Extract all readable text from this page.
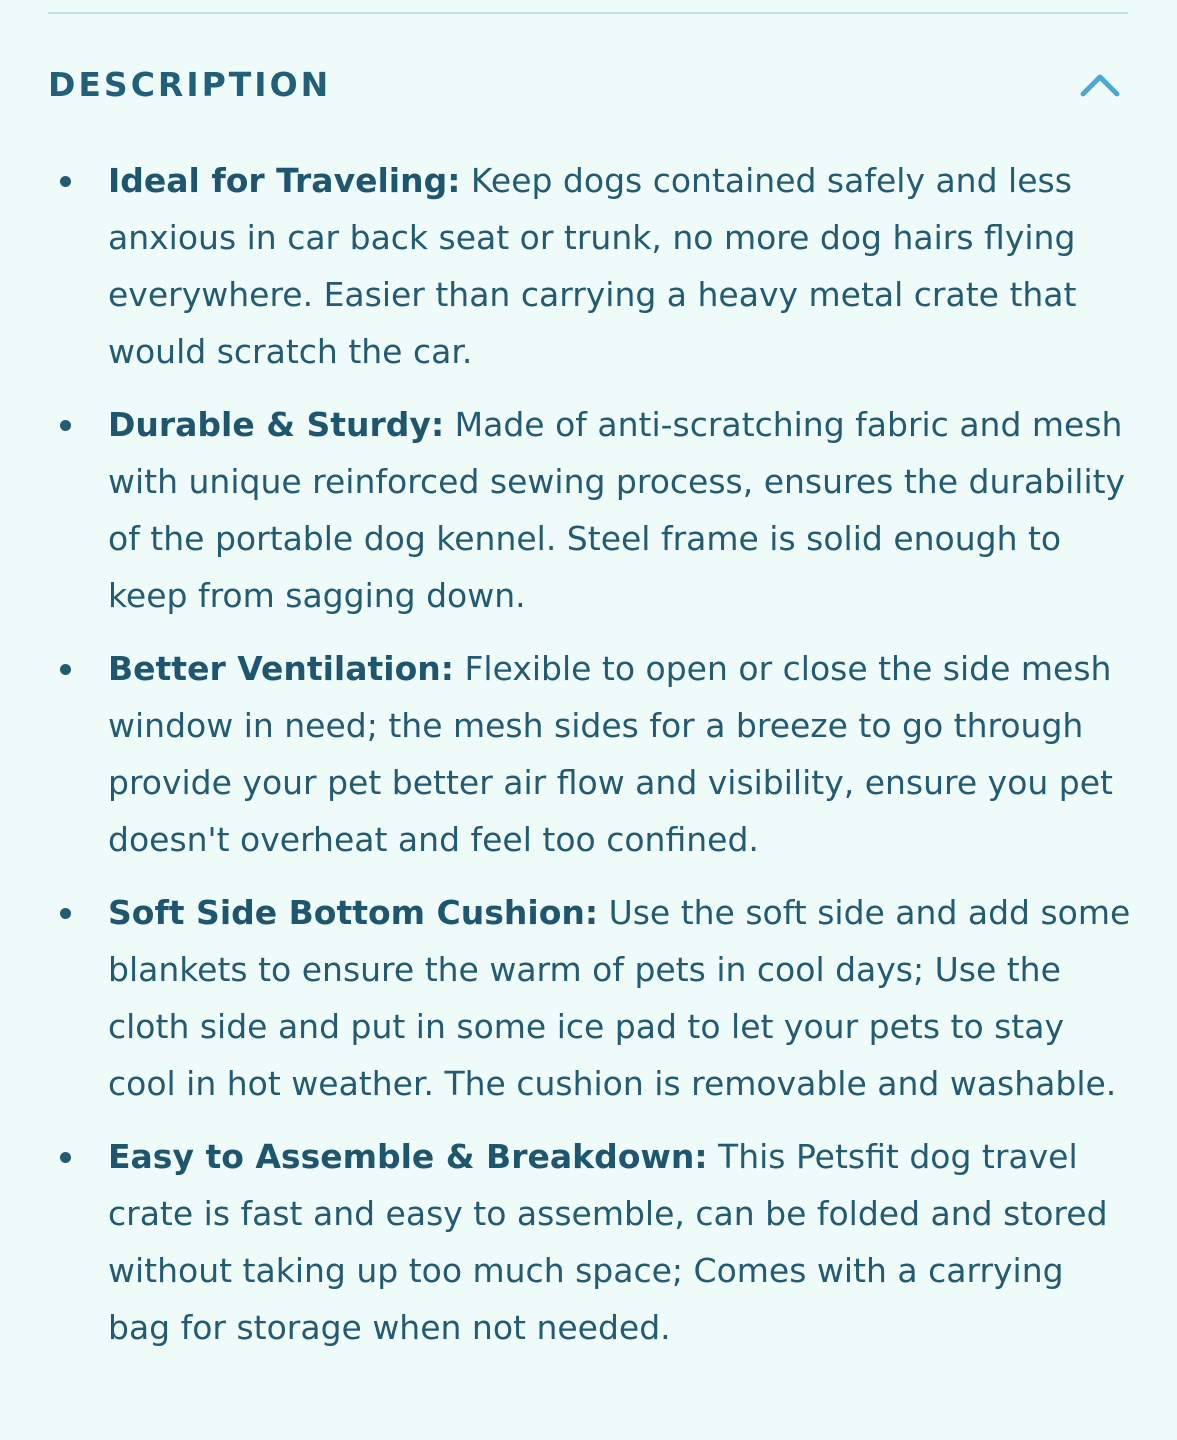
DESCRIPTION
Ideal for Traveling: Keep dogs contained safely and less anxious in car back seat or trunk, no more dog hairs flying everywhere. Easier than carrying a heavy metal crate that would scratch the car.
Durable & Sturdy: Made of anti-scratching fabric and mesh with unique reinforced sewing process, ensures the durability of the portable dog kennel. Steel frame is solid enough to keep from sagging down.
Better Ventilation: Flexible to open or close the side mesh window in need; the mesh sides for a breeze to go through provide your pet better air flow and visibility, ensure you pet doesn't overheat and feel too confined.
Soft Side Bottom Cushion: Use the soft side and add some blankets to ensure the warm of pets in cool days; Use the cloth side and put in some ice pad to let your pets to stay cool in hot weather. The cushion is removable and washable.
Easy to Assemble & Breakdown: This Petsfit dog travel crate is fast and easy to assemble, can be folded and stored without taking up too much space; Comes with a carrying bag for storage when not needed.
